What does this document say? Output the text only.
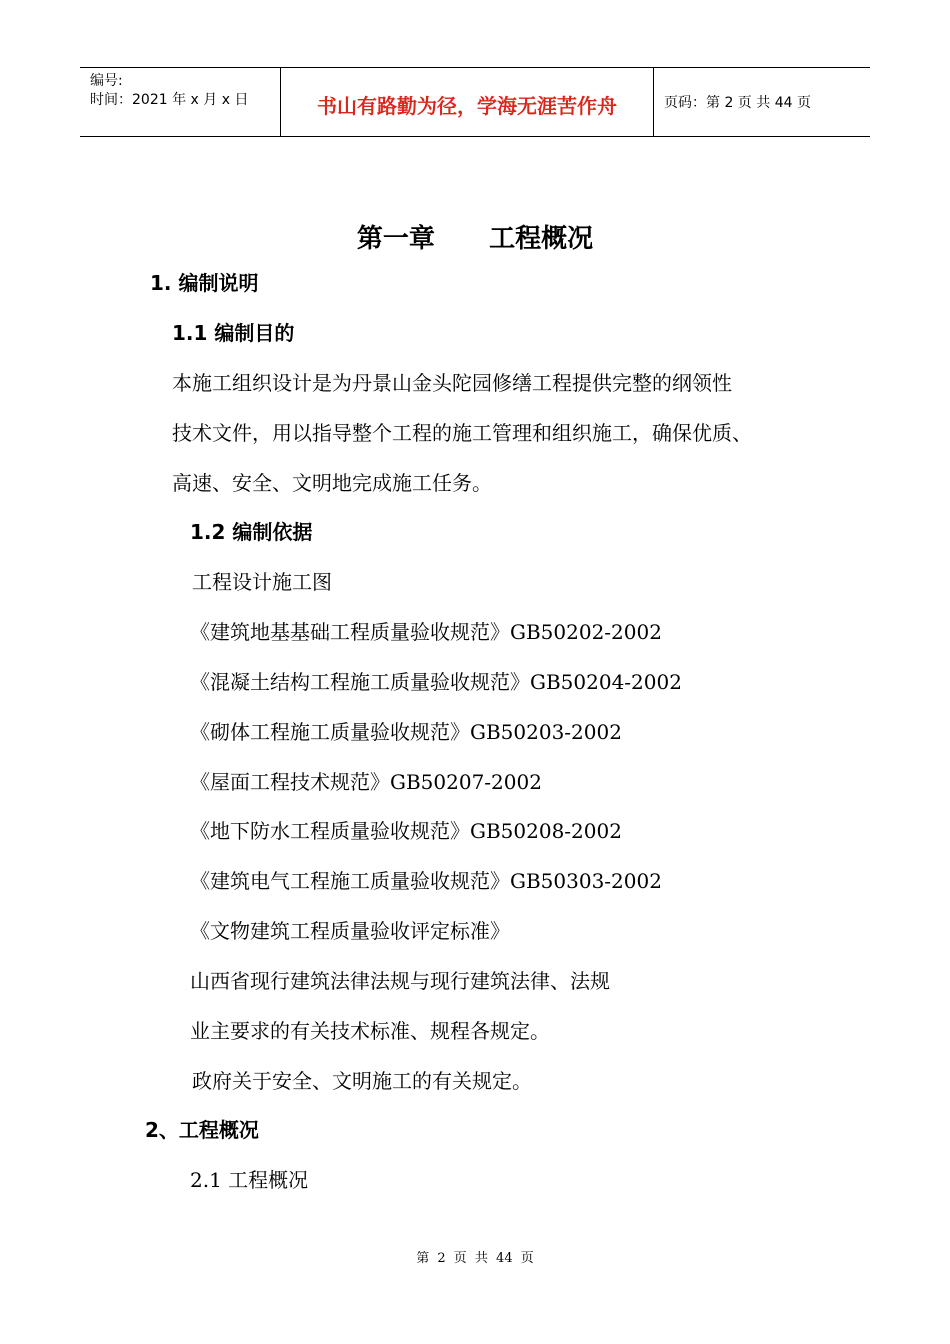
编号:
时间：2021 年 x 月 x 日	书山有路勤为径，学海无涯苦作舟	页码：第 2 页 共 44 页
第一章      工程概况
1. 编制说明
1.1 编制目的
本施工组织设计是为丹景山金头陀园修缮工程提供完整的纲领性
技术文件，用以指导整个工程的施工管理和组织施工，确保优质、
高速、安全、文明地完成施工任务。
1.2 编制依据
工程设计施工图
《建筑地基基础工程质量验收规范》GB50202-2002
《混凝土结构工程施工质量验收规范》GB50204-2002
《砌体工程施工质量验收规范》GB50203-2002
《屋面工程技术规范》GB50207-2002
《地下防水工程质量验收规范》GB50208-2002
《建筑电气工程施工质量验收规范》GB50303-2002
《文物建筑工程质量验收评定标准》
山西省现行建筑法律法规与现行建筑法律、法规
业主要求的有关技术标准、规程各规定。
政府关于安全、文明施工的有关规定。
2、工程概况
2.1 工程概况
第 2 页 共 44 页
